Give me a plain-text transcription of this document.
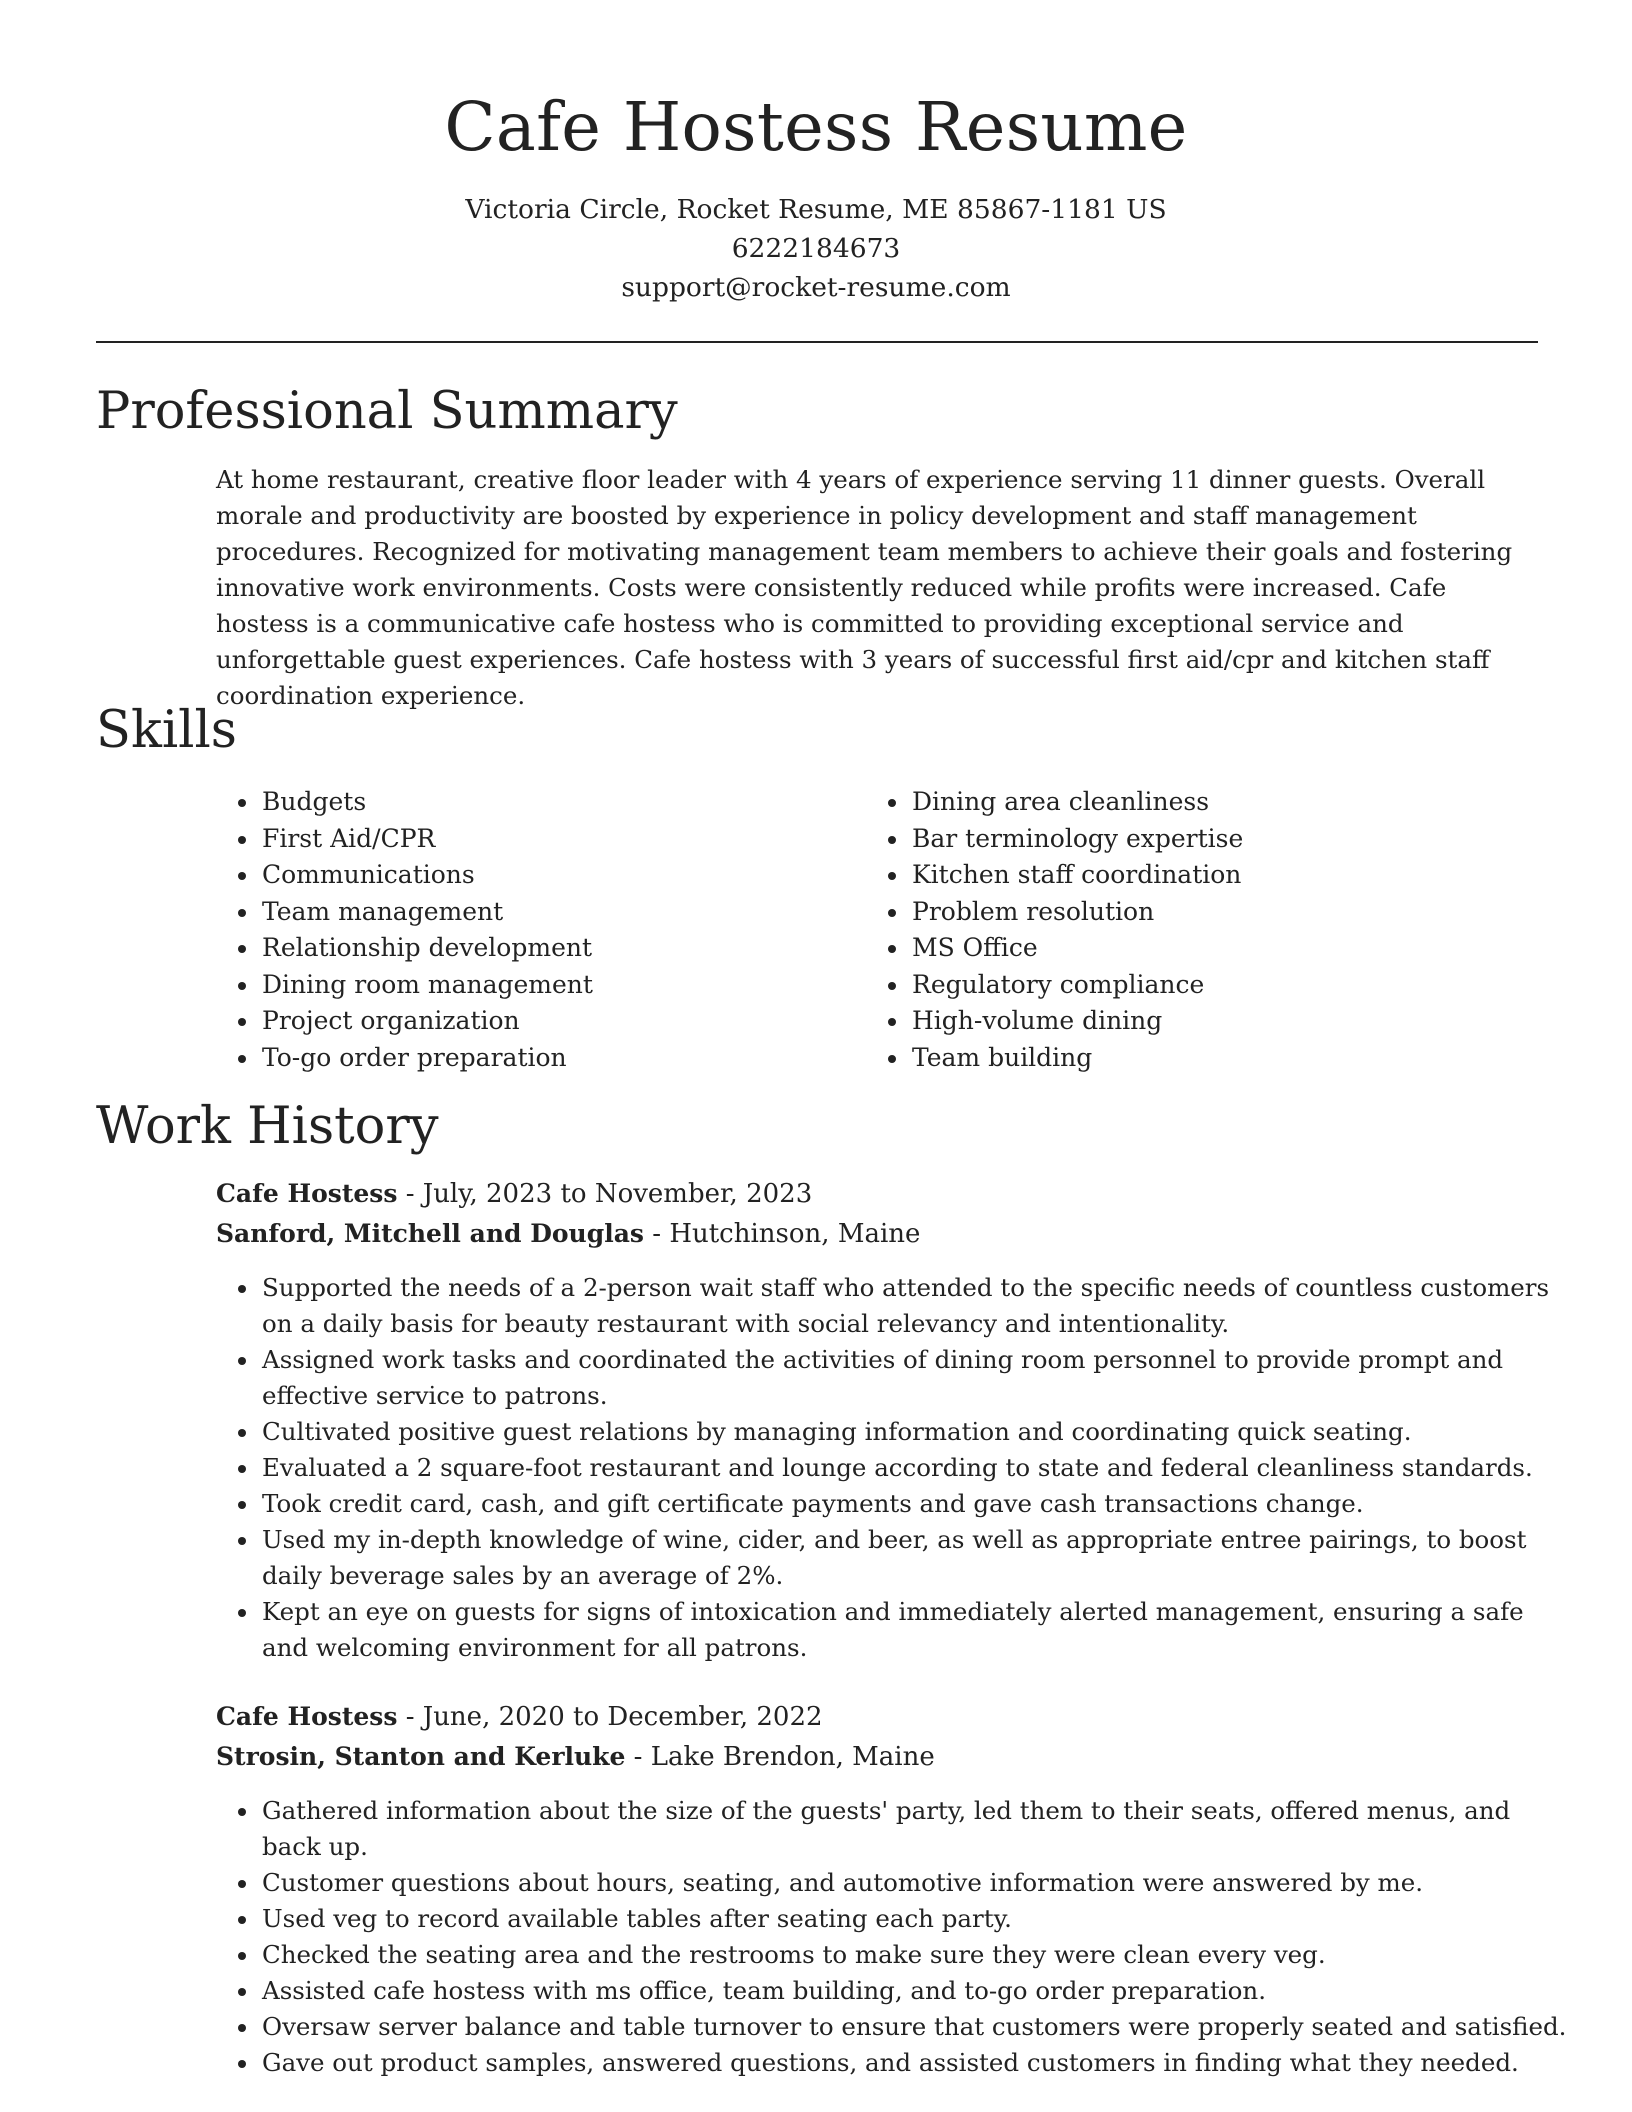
Cafe Hostess Resume
Victoria Circle, Rocket Resume, ME 85867-1181 US
6222184673
support@rocket-resume.com
Professional Summary

At home restaurant, creative floor leader with 4 years of experience serving 11 dinner guests. Overall morale and productivity are boosted by experience in policy development and staff management procedures. Recognized for motivating management team members to achieve their goals and fostering innovative work environments. Costs were consistently reduced while profits were increased. Cafe hostess is a communicative cafe hostess who is committed to providing exceptional service and unforgettable guest experiences. Cafe hostess with 3 years of successful first aid/cpr and kitchen staff coordination experience.

Skills
• Budgets
• First Aid/CPR
• Communications
• Team management
• Relationship development
• Dining room management
• Project organization
• To-go order preparation
• Dining area cleanliness
• Bar terminology expertise
• Kitchen staff coordination
• Problem resolution
• MS Office
• Regulatory compliance
• High-volume dining
• Team building
Work History
Cafe Hostess - July, 2023 to November, 2023
Sanford, Mitchell and Douglas - Hutchinson, Maine
• Supported the needs of a 2-person wait staff who attended to the specific needs of countless customers on a daily basis for beauty restaurant with social relevancy and intentionality.
• Assigned work tasks and coordinated the activities of dining room personnel to provide prompt and effective service to patrons.
• Cultivated positive guest relations by managing information and coordinating quick seating.
• Evaluated a 2 square-foot restaurant and lounge according to state and federal cleanliness standards.
• Took credit card, cash, and gift certificate payments and gave cash transactions change.
• Used my in-depth knowledge of wine, cider, and beer, as well as appropriate entree pairings, to boost daily beverage sales by an average of 2%.
• Kept an eye on guests for signs of intoxication and immediately alerted management, ensuring a safe and welcoming environment for all patrons.
Cafe Hostess - June, 2020 to December, 2022
Strosin, Stanton and Kerluke - Lake Brendon, Maine
• Gathered information about the size of the guests' party, led them to their seats, offered menus, and back up.
• Customer questions about hours, seating, and automotive information were answered by me.
• Used veg to record available tables after seating each party.
• Checked the seating area and the restrooms to make sure they were clean every veg.
• Assisted cafe hostess with ms office, team building, and to-go order preparation.
• Oversaw server balance and table turnover to ensure that customers were properly seated and satisfied.
• Gave out product samples, answered questions, and assisted customers in finding what they needed.
